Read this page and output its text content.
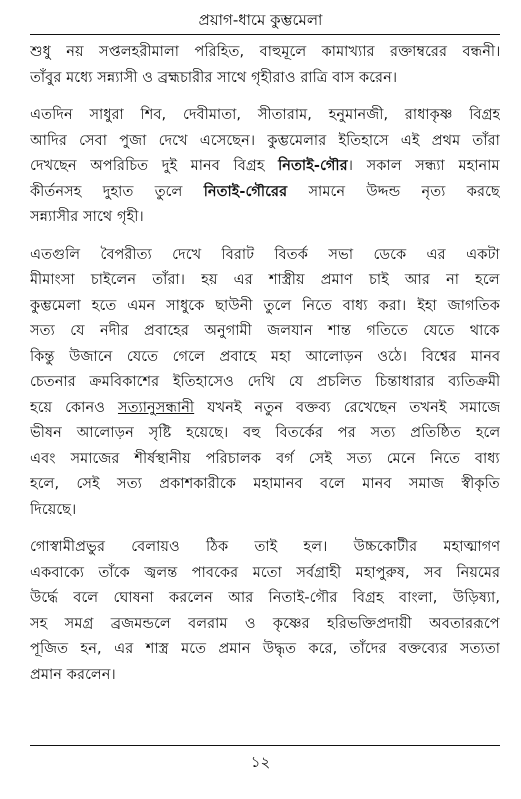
প্রয়াগ-ধামে কুম্ভমেলা

শুধু নয় সপ্তলহরীমালা পরিহিত, বাহুমূলে কামাখ্যার রক্তাম্বরের বন্ধনী।
তাঁবুর মধ্যে সন্ন্যাসী ও ব্রহ্মচারীর সাথে গৃহীরাও রাত্রি বাস করেন।

এতদিন সাধুরা শিব, দেবীমাতা, সীতারাম, হনুমানজী, রাধাকৃষ্ণ বিগ্রহ
আদির সেবা পুজা দেখে এসেছেন। কুম্ভমেলার ইতিহাসে এই প্রথম তাঁরা
দেখছেন অপরিচিত দুই মানব বিগ্রহ নিতাই-গৌর। সকাল সন্ধ্যা মহানাম
কীর্তনসহ দুহাত তুলে নিতাই-গৌরের সামনে উদ্দন্ড নৃত্য করছে
সন্ন্যাসীর সাথে গৃহী।

এতগুলি বৈপরীত্য দেখে বিরাট বিতর্ক সভা ডেকে এর একটা
মীমাংসা চাইলেন তাঁরা। হয় এর শাস্ত্রীয় প্রমাণ চাই আর না হলে
কুম্ভমেলা হতে এমন সাধুকে ছাউনী তুলে নিতে বাধ্য করা। ইহা জাগতিক
সত্য যে নদীর প্রবাহের অনুগামী জলযান শান্ত গতিতে যেতে থাকে
কিন্তু উজানে যেতে গেলে প্রবাহে মহা আলোড়ন ওঠে। বিশ্বের মানব
চেতনার ক্রমবিকাশের ইতিহাসেও দেখি যে প্রচলিত চিন্তাধারার ব্যতিক্রমী
হয়ে কোনও সত্যানুসন্ধানী যখনই নতুন বক্তব্য রেখেছেন তখনই সমাজে
ভীষন আলোড়ন সৃষ্টি হয়েছে। বহু বিতর্কের পর সত্য প্রতিষ্ঠিত হলে
এবং সমাজের শীর্ষস্থানীয় পরিচালক বর্গ সেই সত্য মেনে নিতে বাধ্য
হলে, সেই সত্য প্রকাশকারীকে মহামানব বলে মানব সমাজ স্বীকৃতি
দিয়েছে।

গোস্বামীপ্রভুর বেলায়ও ঠিক তাই হল। উচ্চকোটীর মহাত্মাগণ
একবাক্যে তাঁকে জ্বলন্ত পাবকের মতো সর্বগ্রাহী মহাপুরুষ, সব নিয়মের
উর্দ্ধে বলে ঘোষনা করলেন আর নিতাই-গৌর বিগ্রহ বাংলা, উড়িষ্যা,
সহ সমগ্র ব্রজমন্ডলে বলরাম ও কৃষ্ণের হরিভক্তিপ্রদায়ী অবতাররূপে
পূজিত হন, এর শাস্ত্র মতে প্রমান উদ্ধৃত করে, তাঁদের বক্তব্যের সত্যতা
প্রমান করলেন।

১২
